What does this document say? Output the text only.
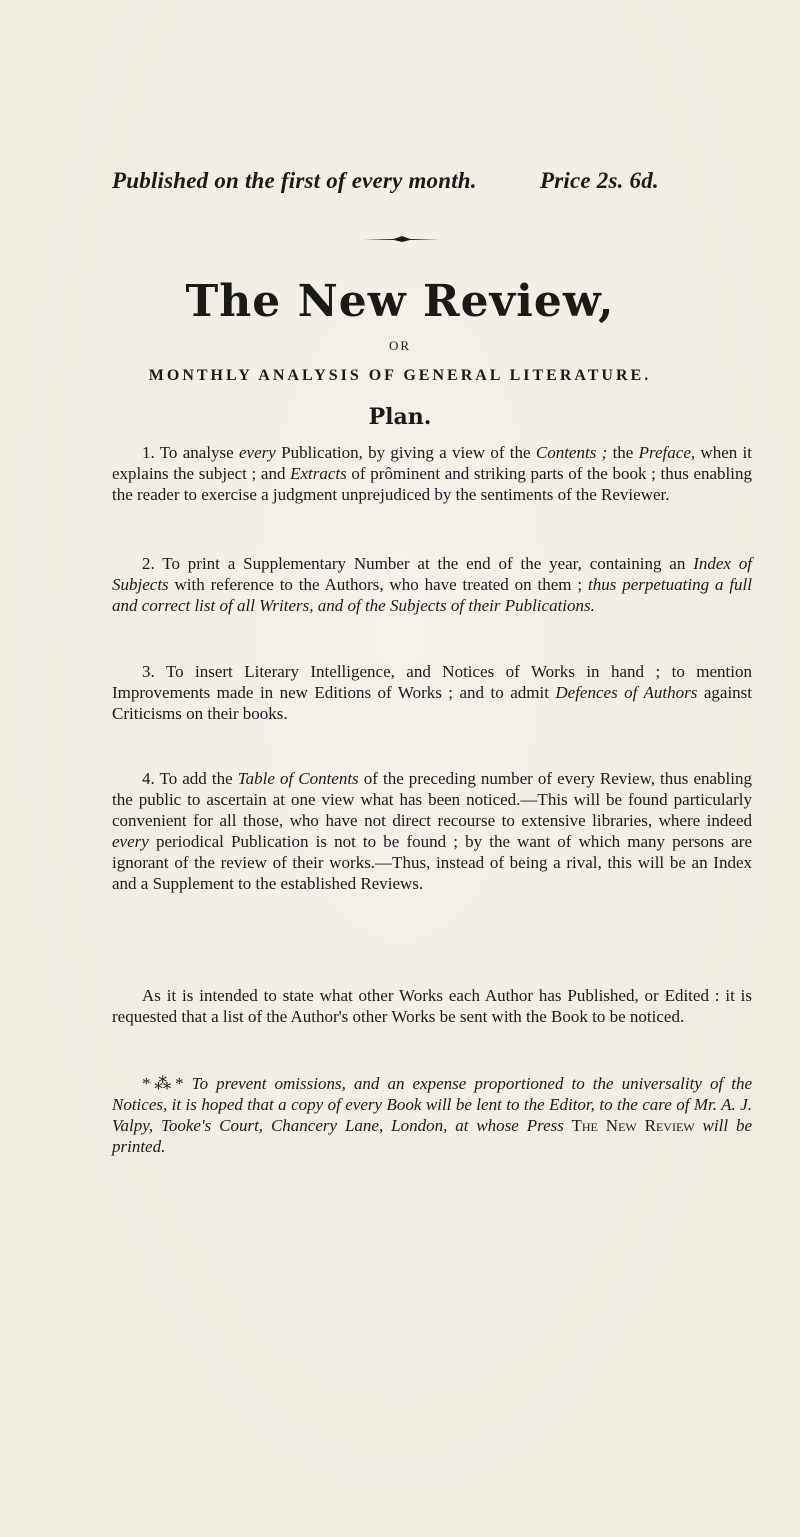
Published on the first of every month.	Price 2s. 6d.
The New Review,
OR
MONTHLY ANALYSIS OF GENERAL LITERATURE.
Plan.
1. To analyse every Publication, by giving a view of the Contents ; the Preface, when it explains the subject ; and Extracts of prôminent and striking parts of the book ; thus enabling the reader to exercise a judgment unprejudiced by the sentiments of the Reviewer.
2. To print a Supplementary Number at the end of the year, containing an Index of Subjects with reference to the Authors, who have treated on them ; thus perpetuating a full and correct list of all Writers, and of the Subjects of their Publications.
3. To insert Literary Intelligence, and Notices of Works in hand ; to mention Improvements made in new Editions of Works ; and to admit Defences of Authors against Criticisms on their books.
4. To add the Table of Contents of the preceding number of every Review, thus enabling the public to ascertain at one view what has been noticed.—This will be found particularly convenient for all those, who have not direct recourse to extensive libraries, where indeed every periodical Publication is not to be found ; by the want of which many persons are ignorant of the review of their works.—Thus, instead of being a rival, this will be an Index and a Supplement to the established Reviews.
As it is intended to state what other Works each Author has Published, or Edited : it is requested that a list of the Author's other Works be sent with the Book to be noticed.
*⁂* To prevent omissions, and an expense proportioned to the universality of the Notices, it is hoped that a copy of every Book will be lent to the Editor, to the care of Mr. A. J. Valpy, Tooke's Court, Chancery Lane, London, at whose Press The New Review will be printed.
